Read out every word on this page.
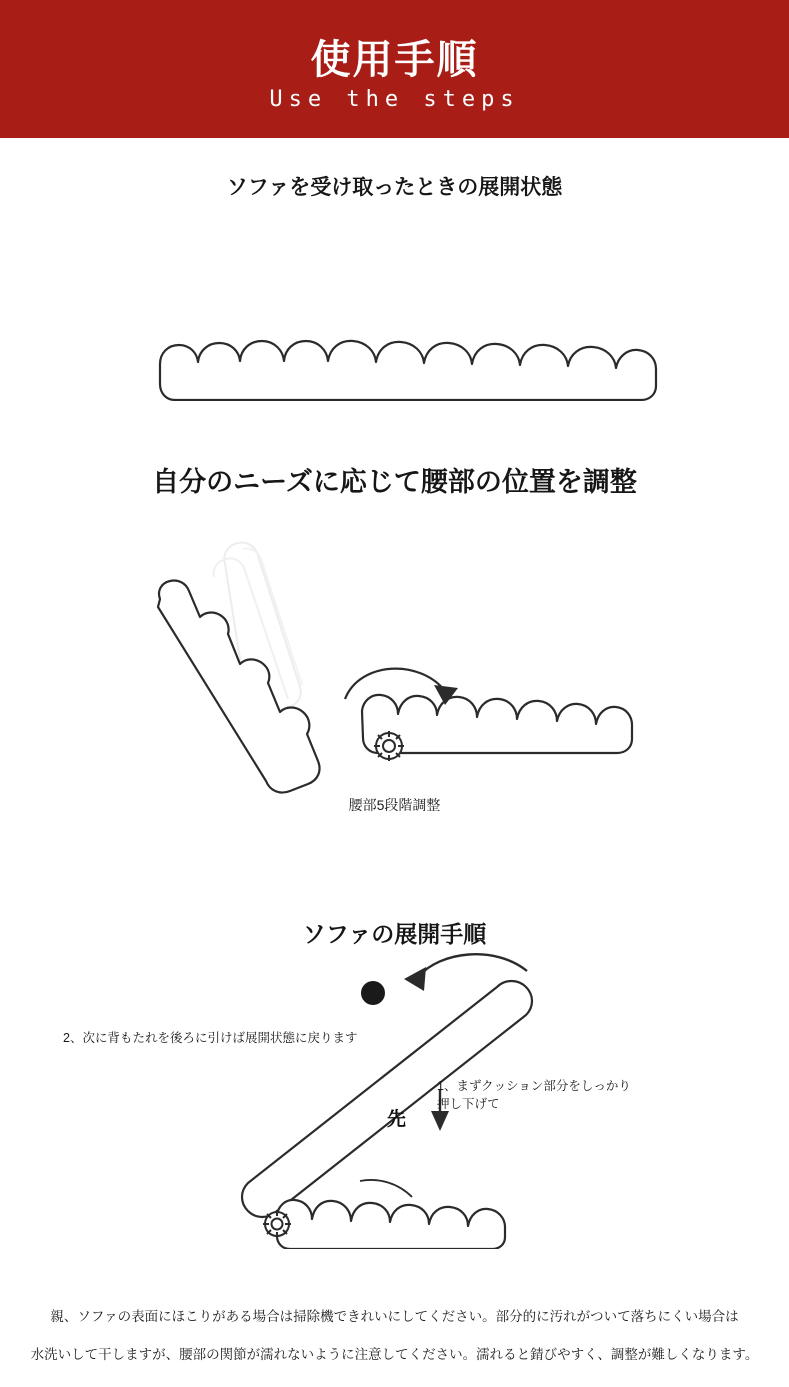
使用手順
Use the steps
ソファを受け取ったときの展開状態
自分のニーズに応じて腰部の位置を調整
腰部5段階調整
ソファの展開手順
2、次に背もたれを後ろに引けば展開状態に戻ります
1、まずクッション部分をしっかり
押し下げて
先

親、ソファの表面にほこりがある場合は掃除機できれいにしてください。部分的に汚れがついて落ちにくい場合は

水洗いして干しますが、腰部の関節が濡れないように注意してください。濡れると錆びやすく、調整が難しくなります。
